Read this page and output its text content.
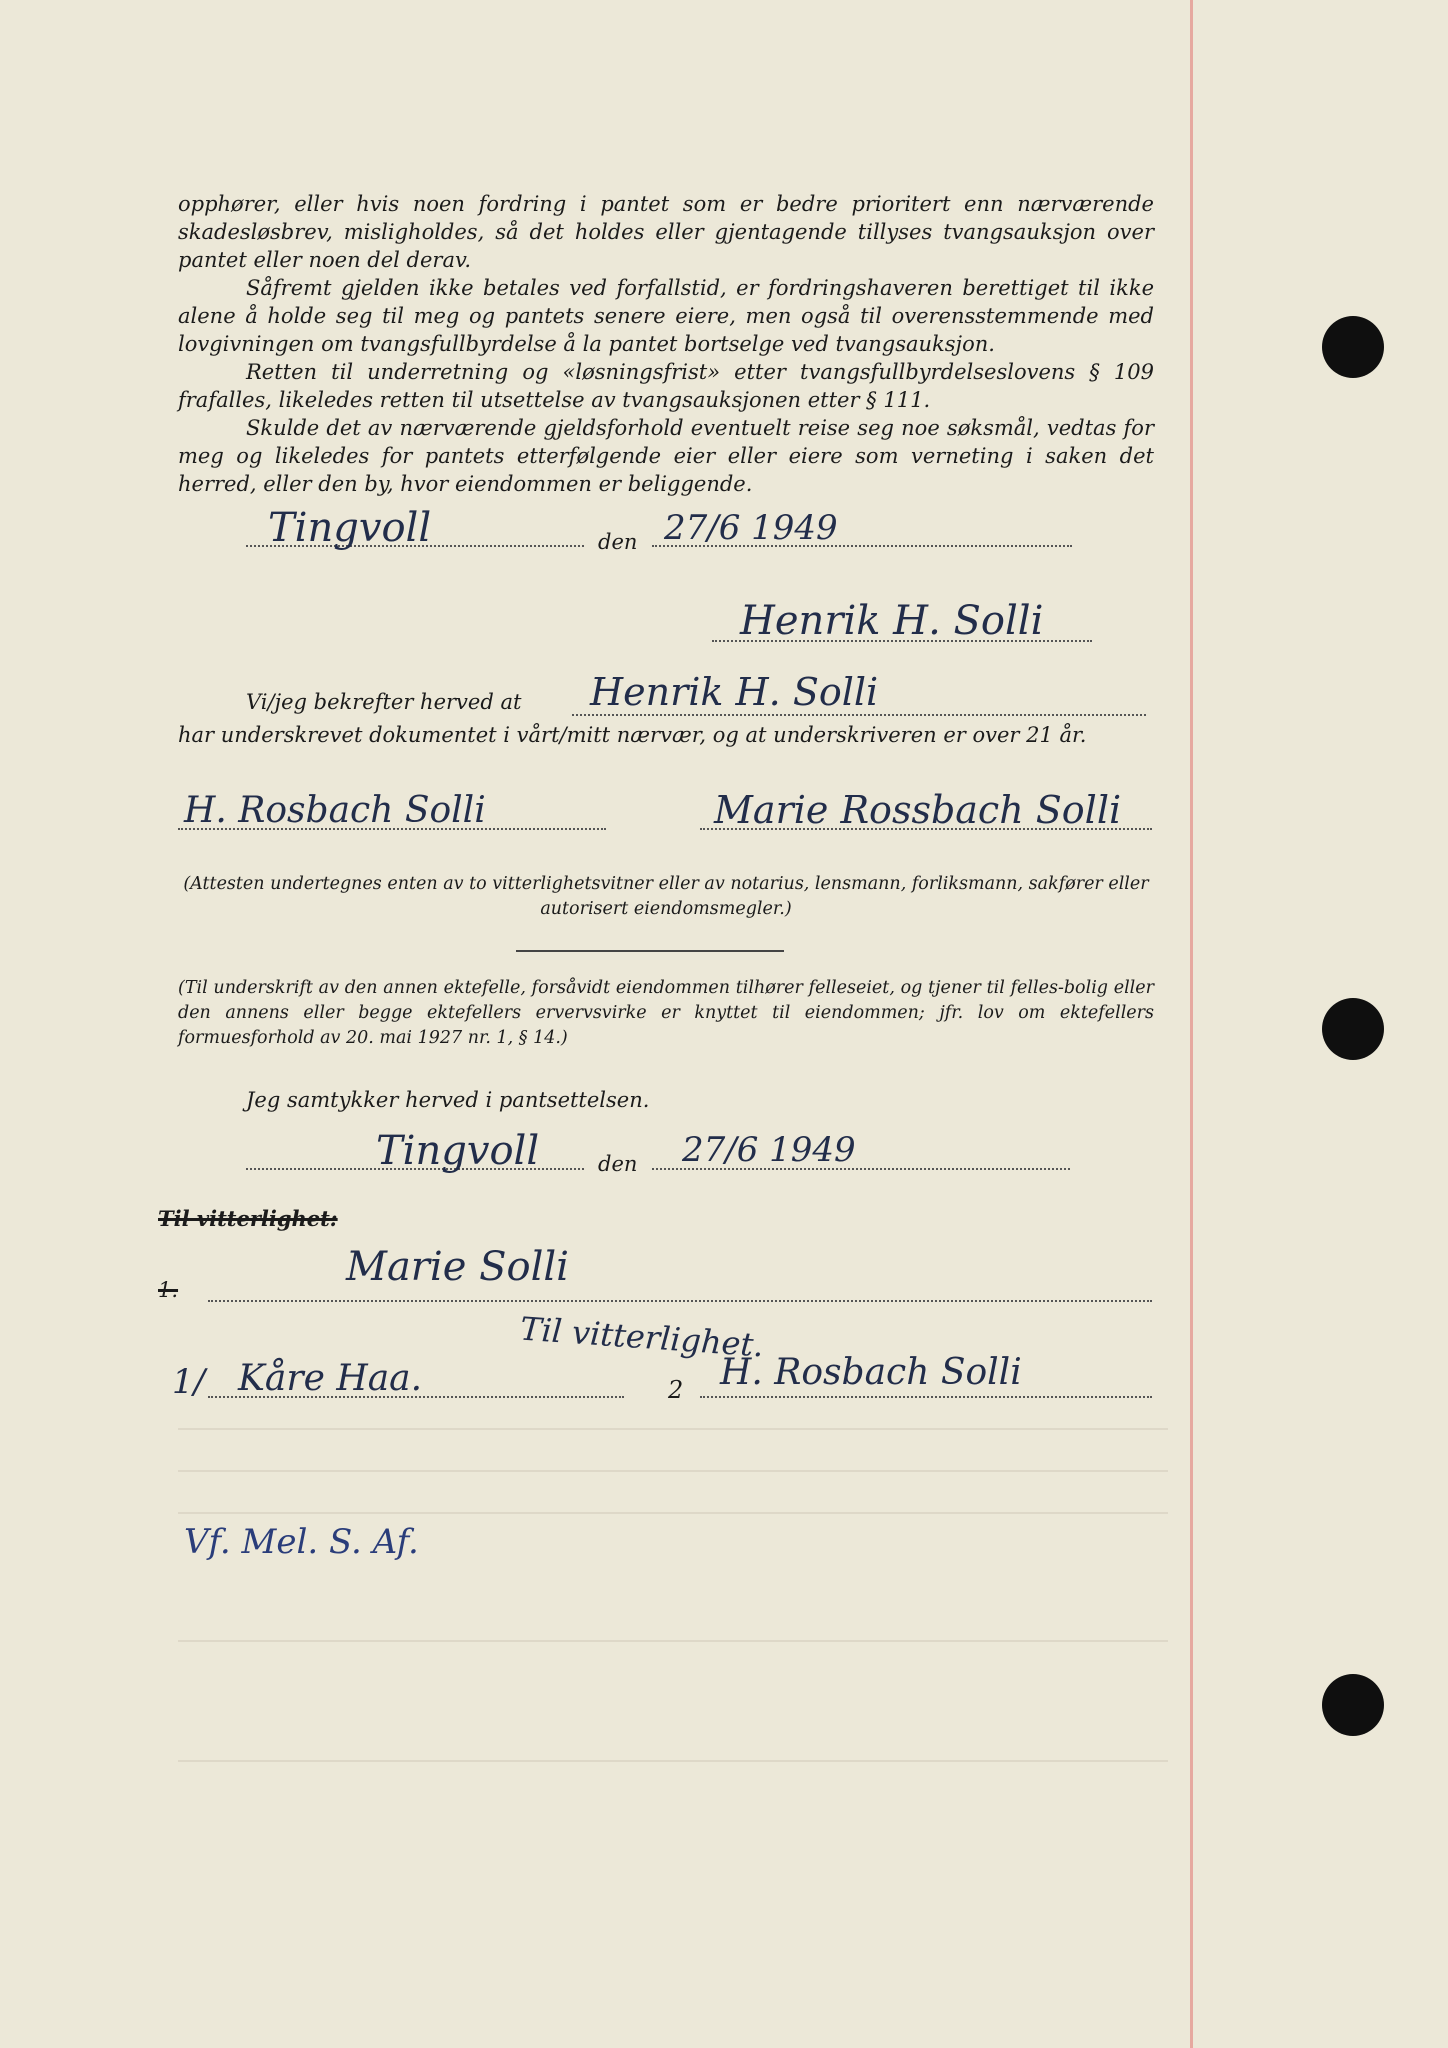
opphører, eller hvis noen fordring i pantet som er bedre prioritert enn nærværende skadesløsbrev, misligholdes, så det holdes eller gjentagende tillyses tvangsauksjon over pantet eller noen del derav.

Såfremt gjelden ikke betales ved forfallstid, er fordringshaveren berettiget til ikke alene å holde seg til meg og pantets senere eiere, men også til overensstemmende med lovgivningen om tvangsfullbyrdelse å la pantet bortselge ved tvangsauksjon.

Retten til underretning og «løsningsfrist» etter tvangsfullbyrdelseslovens § 109 frafalles, likeledes retten til utsettelse av tvangsauksjonen etter § 111.

Skulde det av nærværende gjeldsforhold eventuelt reise seg noe søksmål, vedtas for meg og likeledes for pantets etterfølgende eier eller eiere som verneting i saken det herred, eller den by, hvor eiendommen er beliggende.

Tingvoll	den 27/6 1949
Henrik H. Solli
Vi/jeg bekrefter herved at Henrik H. Solli
har underskrevet dokumentet i vårt/mitt nærvær, og at underskriveren er over 21 år.
H. Rosbach Solli	Marie Rossbach Solli
(Attesten undertegnes enten av to vitterlighetsvitner eller av notarius, lensmann, forliksmann, sakfører eller autorisert eiendomsmegler.)
(Til underskrift av den annen ektefelle, forsåvidt eiendommen tilhører felleseiet, og tjener til felles-bolig eller den annens eller begge ektefellers ervervsvirke er knyttet til eiendommen; jfr. lov om ektefellers formuesforhold av 20. mai 1927 nr. 1, § 14.)
Jeg samtykker herved i pantsettelsen.
Tingvoll	den 27/6 1949
Til vitterlighet:
1.	Marie Solli
Til vitterlighet.
1/ Kåre Haa.	2 H. Rosbach Solli
Vf. Mel. S. Af.
